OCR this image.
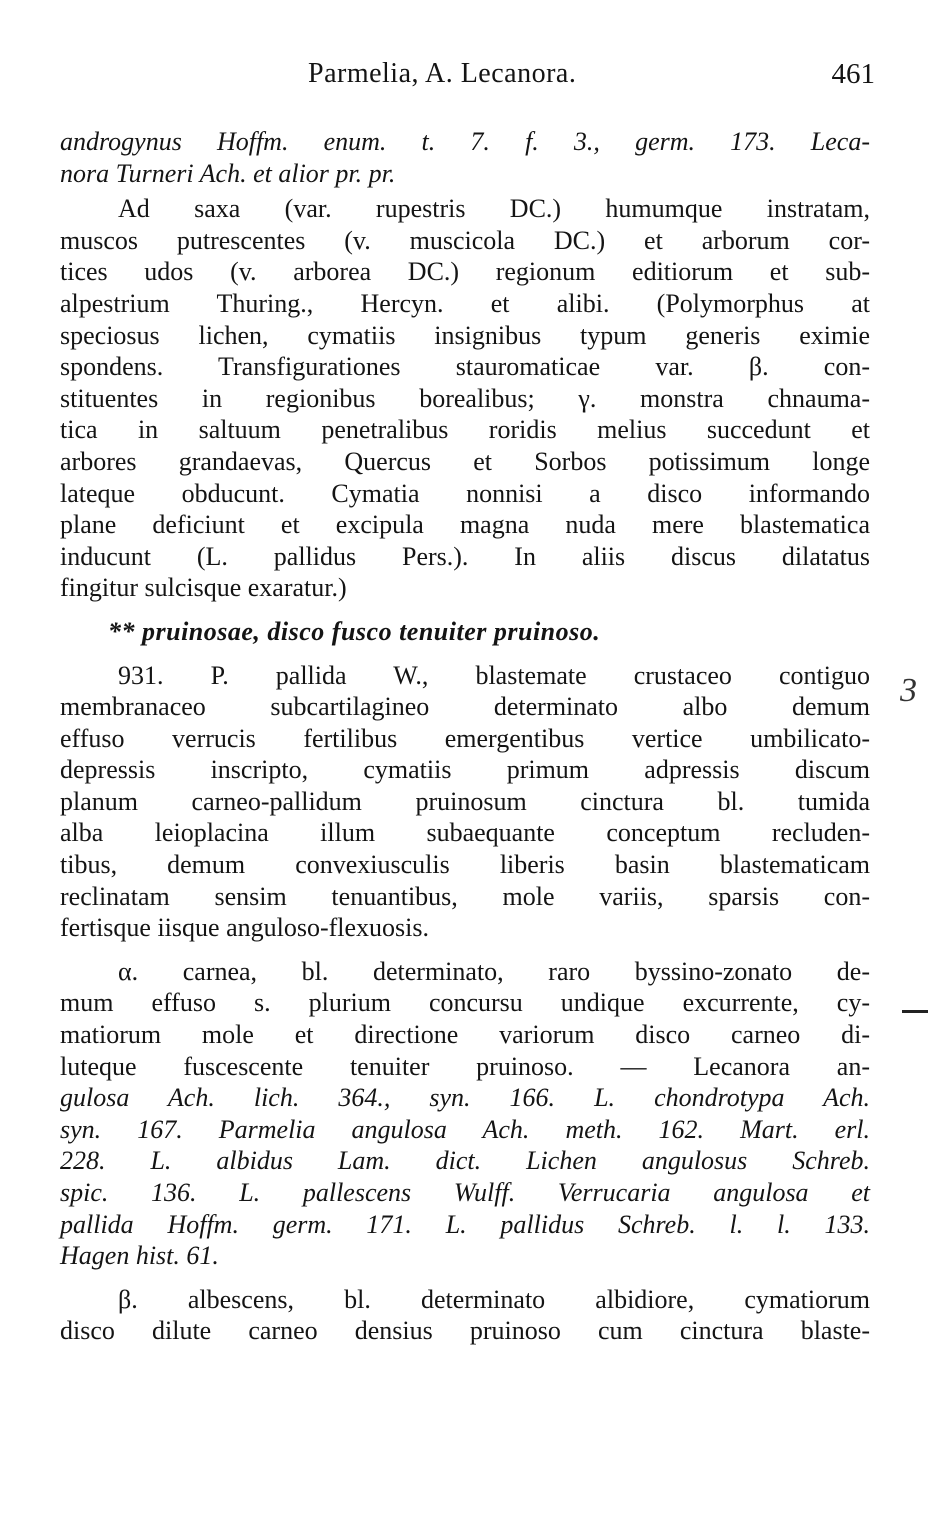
Parmelia, A. Lecanora.	461

androgynus Hoffm. enum. t. 7. f. 3., germ. 173. Leca-
nora Turneri Ach. et alior pr. pr.

Ad saxa (var. rupestris DC.) humumque instratam,
muscos putrescentes (v. muscicola DC.) et arborum cor-
tices udos (v. arborea DC.) regionum editiorum et sub-
alpestrium Thuring., Hercyn. et alibi. (Polymorphus at
speciosus lichen, cymatiis insignibus typum generis eximie
spondens. Transfigurationes stauromaticae var. β. con-
stituentes in regionibus borealibus; γ. monstra chnauma-
tica in saltuum penetralibus roridis melius succedunt et
arbores grandaevas, Quercus et Sorbos potissimum longe
lateque obducunt. Cymatia nonnisi a disco informando
plane deficiunt et excipula magna nuda mere blastematica
inducunt (L. pallidus Pers.). In aliis discus dilatatus
fingitur sulcisque exaratur.)

** pruinosae, disco fusco tenuiter pruinoso.

931. P. pallida W., blastemate crustaceo contiguo
membranaceo subcartilagineo determinato albo demum
effuso verrucis fertilibus emergentibus vertice umbilicato-
depressis inscripto, cymatiis primum adpressis discum
planum carneo-pallidum pruinosum cinctura bl. tumida
alba leioplacina illum subaequante conceptum recluden-
tibus, demum convexiusculis liberis basin blastematicam
reclinatam sensim tenuantibus, mole variis, sparsis con-
fertisque iisque anguloso-flexuosis.

α. carnea, bl. determinato, raro byssino-zonato de-
mum effuso s. plurium concursu undique excurrente, cy-
matiorum mole et directione variorum disco carneo di-
luteque fuscescente tenuiter pruinoso. — Lecanora an-
gulosa Ach. lich. 364., syn. 166. L. chondrotypa Ach.
syn. 167. Parmelia angulosa Ach. meth. 162. Mart. erl.
228. L. albidus Lam. dict. Lichen angulosus Schreb.
spic. 136. L. pallescens Wulff. Verrucaria angulosa et
pallida Hoffm. germ. 171. L. pallidus Schreb. l. l. 133.
Hagen hist. 61.

β. albescens, bl. determinato albidiore, cymatiorum
disco dilute carneo densius pruinoso cum cinctura blaste-

3
